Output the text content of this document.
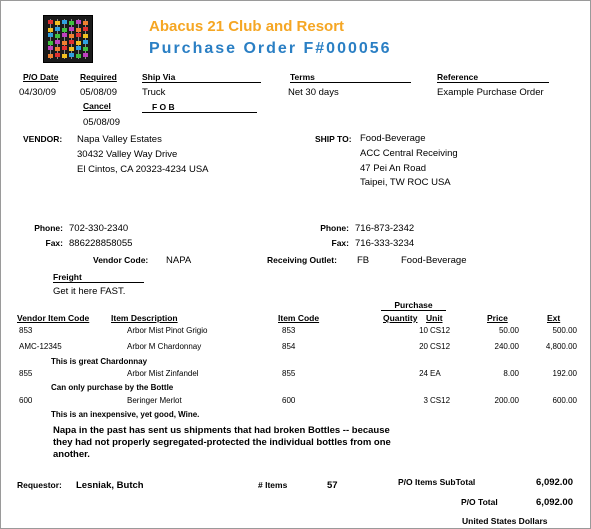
Abacus 21 Club and Resort
Purchase Order F#000056
P/O Date
04/30/09
Required
05/08/09
Cancel
05/08/09
Ship Via
Truck
F O B
Terms
Net 30 days
Reference
Example Purchase Order
VENDOR: Napa Valley Estates
30432 Valley Way Drive
El Cintos, CA 20323-4234 USA
SHIP TO: Food-Beverage
ACC Central Receiving
47 Pei An Road
Taipei, TW ROC USA
Phone: 702-330-2340
Fax: 886228858055
Phone: 716-873-2342
Fax: 716-333-3234
Vendor Code: NAPA	Receiving Outlet: FB	Food-Beverage
Freight
Get it here FAST.
Purchase
Vendor Item Code	Item Description	Item Code	Quantity Unit	Price	Ext
853	Arbor Mist Pinot Grigio	853	10 CS12	50.00	500.00
AMC-12345	Arbor M Chardonnay	854	20 CS12	240.00	4,800.00
This is great Chardonnay
855	Arbor Mist Zinfandel	855	24 EA	8.00	192.00
Can only purchase by the Bottle
600	Beringer Merlot	600	3 CS12	200.00	600.00
This is an inexpensive, yet good, Wine.
Napa in the past has sent us shipments that had broken Bottles -- because
they had not properly segregated-protected the individual bottles from one
another.
Requestor: Lesniak, Butch	# Items	57	P/O Items SubTotal	6,092.00
P/O Total	6,092.00
United States Dollars
